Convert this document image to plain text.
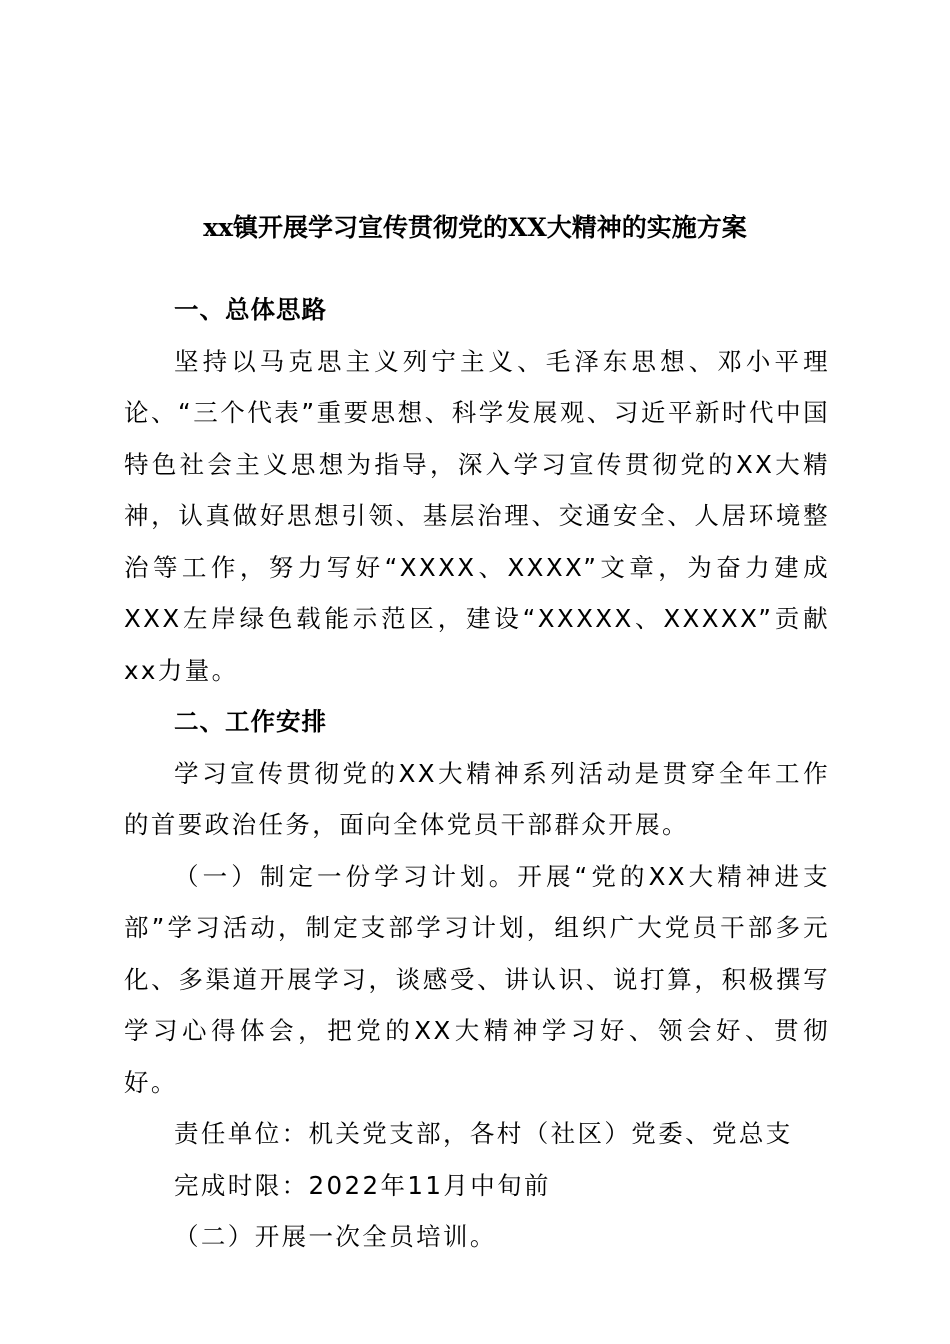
xx镇开展学习宣传贯彻党的XX大精神的实施方案

一、总体思路

坚持以马克思主义列宁主义、毛泽东思想、邓小平理论、“三个代表”重要思想、科学发展观、习近平新时代中国特色社会主义思想为指导，深入学习宣传贯彻党的XX大精神，认真做好思想引领、基层治理、交通安全、人居环境整治等工作，努力写好“XXXX、XXXX”文章，为奋力建成XXX左岸绿色载能示范区，建设“XXXXX、XXXXX”贡献xx力量。

二、工作安排

学习宣传贯彻党的XX大精神系列活动是贯穿全年工作的首要政治任务，面向全体党员干部群众开展。

（一）制定一份学习计划。开展“党的XX大精神进支部”学习活动，制定支部学习计划，组织广大党员干部多元化、多渠道开展学习，谈感受、讲认识、说打算，积极撰写学习心得体会，把党的XX大精神学习好、领会好、贯彻好。

责任单位：机关党支部，各村（社区）党委、党总支

完成时限：2022年11月中旬前

（二）开展一次全员培训。
